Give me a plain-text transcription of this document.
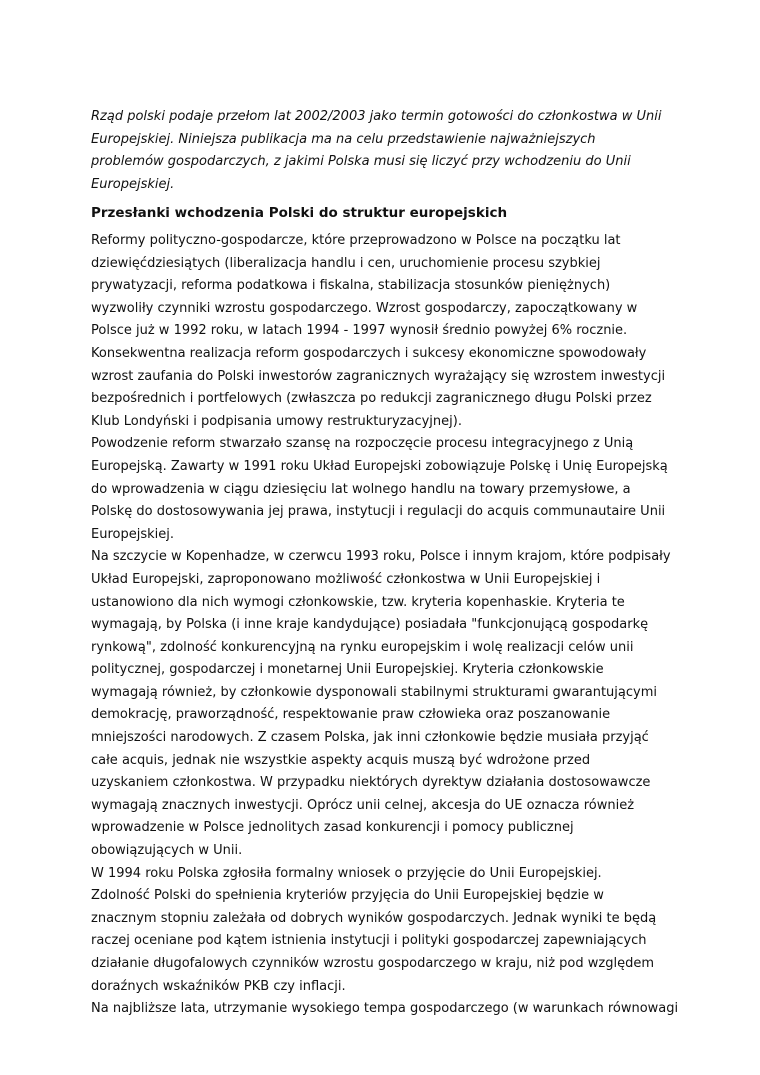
Rząd polski podaje przełom lat 2002/2003 jako termin gotowości do członkostwa w Unii Europejskiej. Niniejsza publikacja ma na celu przedstawienie najważniejszych problemów gospodarczych, z jakimi Polska musi się liczyć przy wchodzeniu do Unii Europejskiej.

Przesłanki wchodzenia Polski do struktur europejskich

Reformy polityczno-gospodarcze, które przeprowadzono w Polsce na początku lat dziewięćdziesiątych (liberalizacja handlu i cen, uruchomienie procesu szybkiej prywatyzacji, reforma podatkowa i fiskalna, stabilizacja stosunków pieniężnych) wyzwoliły czynniki wzrostu gospodarczego. Wzrost gospodarczy, zapoczątkowany w Polsce już w 1992 roku, w latach 1994 - 1997 wynosił średnio powyżej 6% rocznie. Konsekwentna realizacja reform gospodarczych i sukcesy ekonomiczne spowodowały wzrost zaufania do Polski inwestorów zagranicznych wyrażający się wzrostem inwestycji bezpośrednich i portfelowych (zwłaszcza po redukcji zagranicznego długu Polski przez Klub Londyński i podpisania umowy restrukturyzacyjnej).

Powodzenie reform stwarzało szansę na rozpoczęcie procesu integracyjnego z Unią Europejską. Zawarty w 1991 roku Układ Europejski zobowiązuje Polskę i Unię Europejską do wprowadzenia w ciągu dziesięciu lat wolnego handlu na towary przemysłowe, a Polskę do dostosowywania jej prawa, instytucji i regulacji do acquis communautaire Unii Europejskiej.

Na szczycie w Kopenhadze, w czerwcu 1993 roku, Polsce i innym krajom, które podpisały Układ Europejski, zaproponowano możliwość członkostwa w Unii Europejskiej i ustanowiono dla nich wymogi członkowskie, tzw. kryteria kopenhaskie. Kryteria te wymagają, by Polska (i inne kraje kandydujące) posiadała "funkcjonującą gospodarkę rynkową", zdolność konkurencyjną na rynku europejskim i wolę realizacji celów unii politycznej, gospodarczej i monetarnej Unii Europejskiej. Kryteria członkowskie wymagają również, by członkowie dysponowali stabilnymi strukturami gwarantującymi demokrację, praworządność, respektowanie praw człowieka oraz poszanowanie mniejszości narodowych. Z czasem Polska, jak inni członkowie będzie musiała przyjąć całe acquis, jednak nie wszystkie aspekty acquis muszą być wdrożone przed uzyskaniem członkostwa. W przypadku niektórych dyrektyw działania dostosowawcze wymagają znacznych inwestycji. Oprócz unii celnej, akcesja do UE oznacza również wprowadzenie w Polsce jednolitych zasad konkurencji i pomocy publicznej obowiązujących w Unii.

W 1994 roku Polska zgłosiła formalny wniosek o przyjęcie do Unii Europejskiej.

Zdolność Polski do spełnienia kryteriów przyjęcia do Unii Europejskiej będzie w znacznym stopniu zależała od dobrych wyników gospodarczych. Jednak wyniki te będą raczej oceniane pod kątem istnienia instytucji i polityki gospodarczej zapewniających działanie długofalowych czynników wzrostu gospodarczego w kraju, niż pod względem doraźnych wskaźników PKB czy inflacji.

Na najbliższe lata, utrzymanie wysokiego tempa gospodarczego (w warunkach równowagi
